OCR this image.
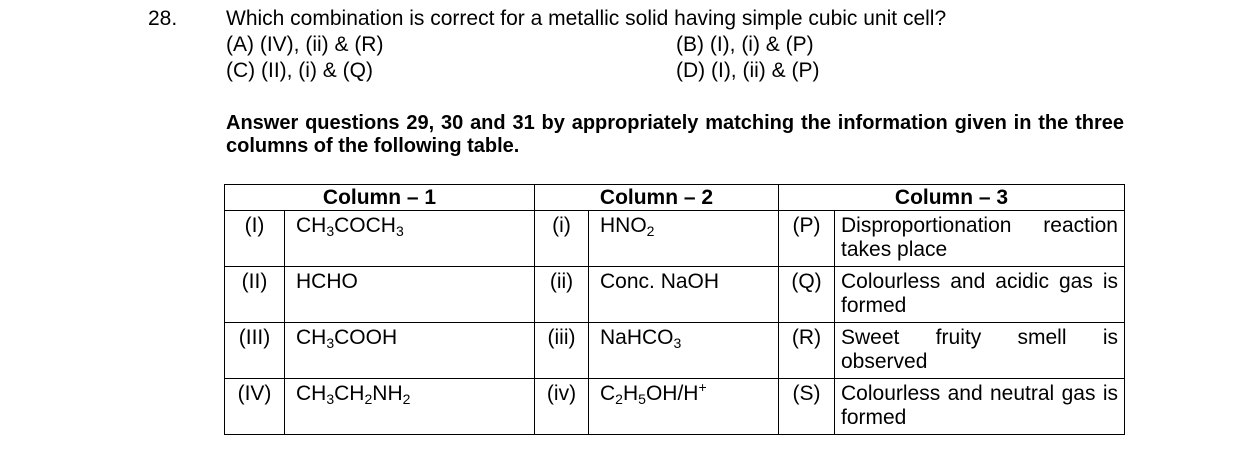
28. Which combination is correct for a metallic solid having simple cubic unit cell?
(A) (IV), (ii) & (R)	(B) (I), (i) & (P)
(C) (II), (i) & (Q)	(D) (I), (ii) & (P)
Answer questions 29, 30 and 31 by appropriately matching the information given in the three columns of the following table.
Column – 1		Column – 2		Column – 3	
(I)	$CH_3COCH_3$	(i)	$HNO_2$	(P)	Disproportionation reaction takes place
(II)	HCHO	(ii)	Conc. NaOH	(Q)	Colourless and acidic gas is formed
(III)	$CH_3COOH$	(iii)	NaHCO$_3$	(R)	Sweet fruity smell is observed
(IV)	$CH_3CH_2NH_2$	(iv)	$C_2H_5OH/H^+$	(S)	Colourless and neutral gas is formed
